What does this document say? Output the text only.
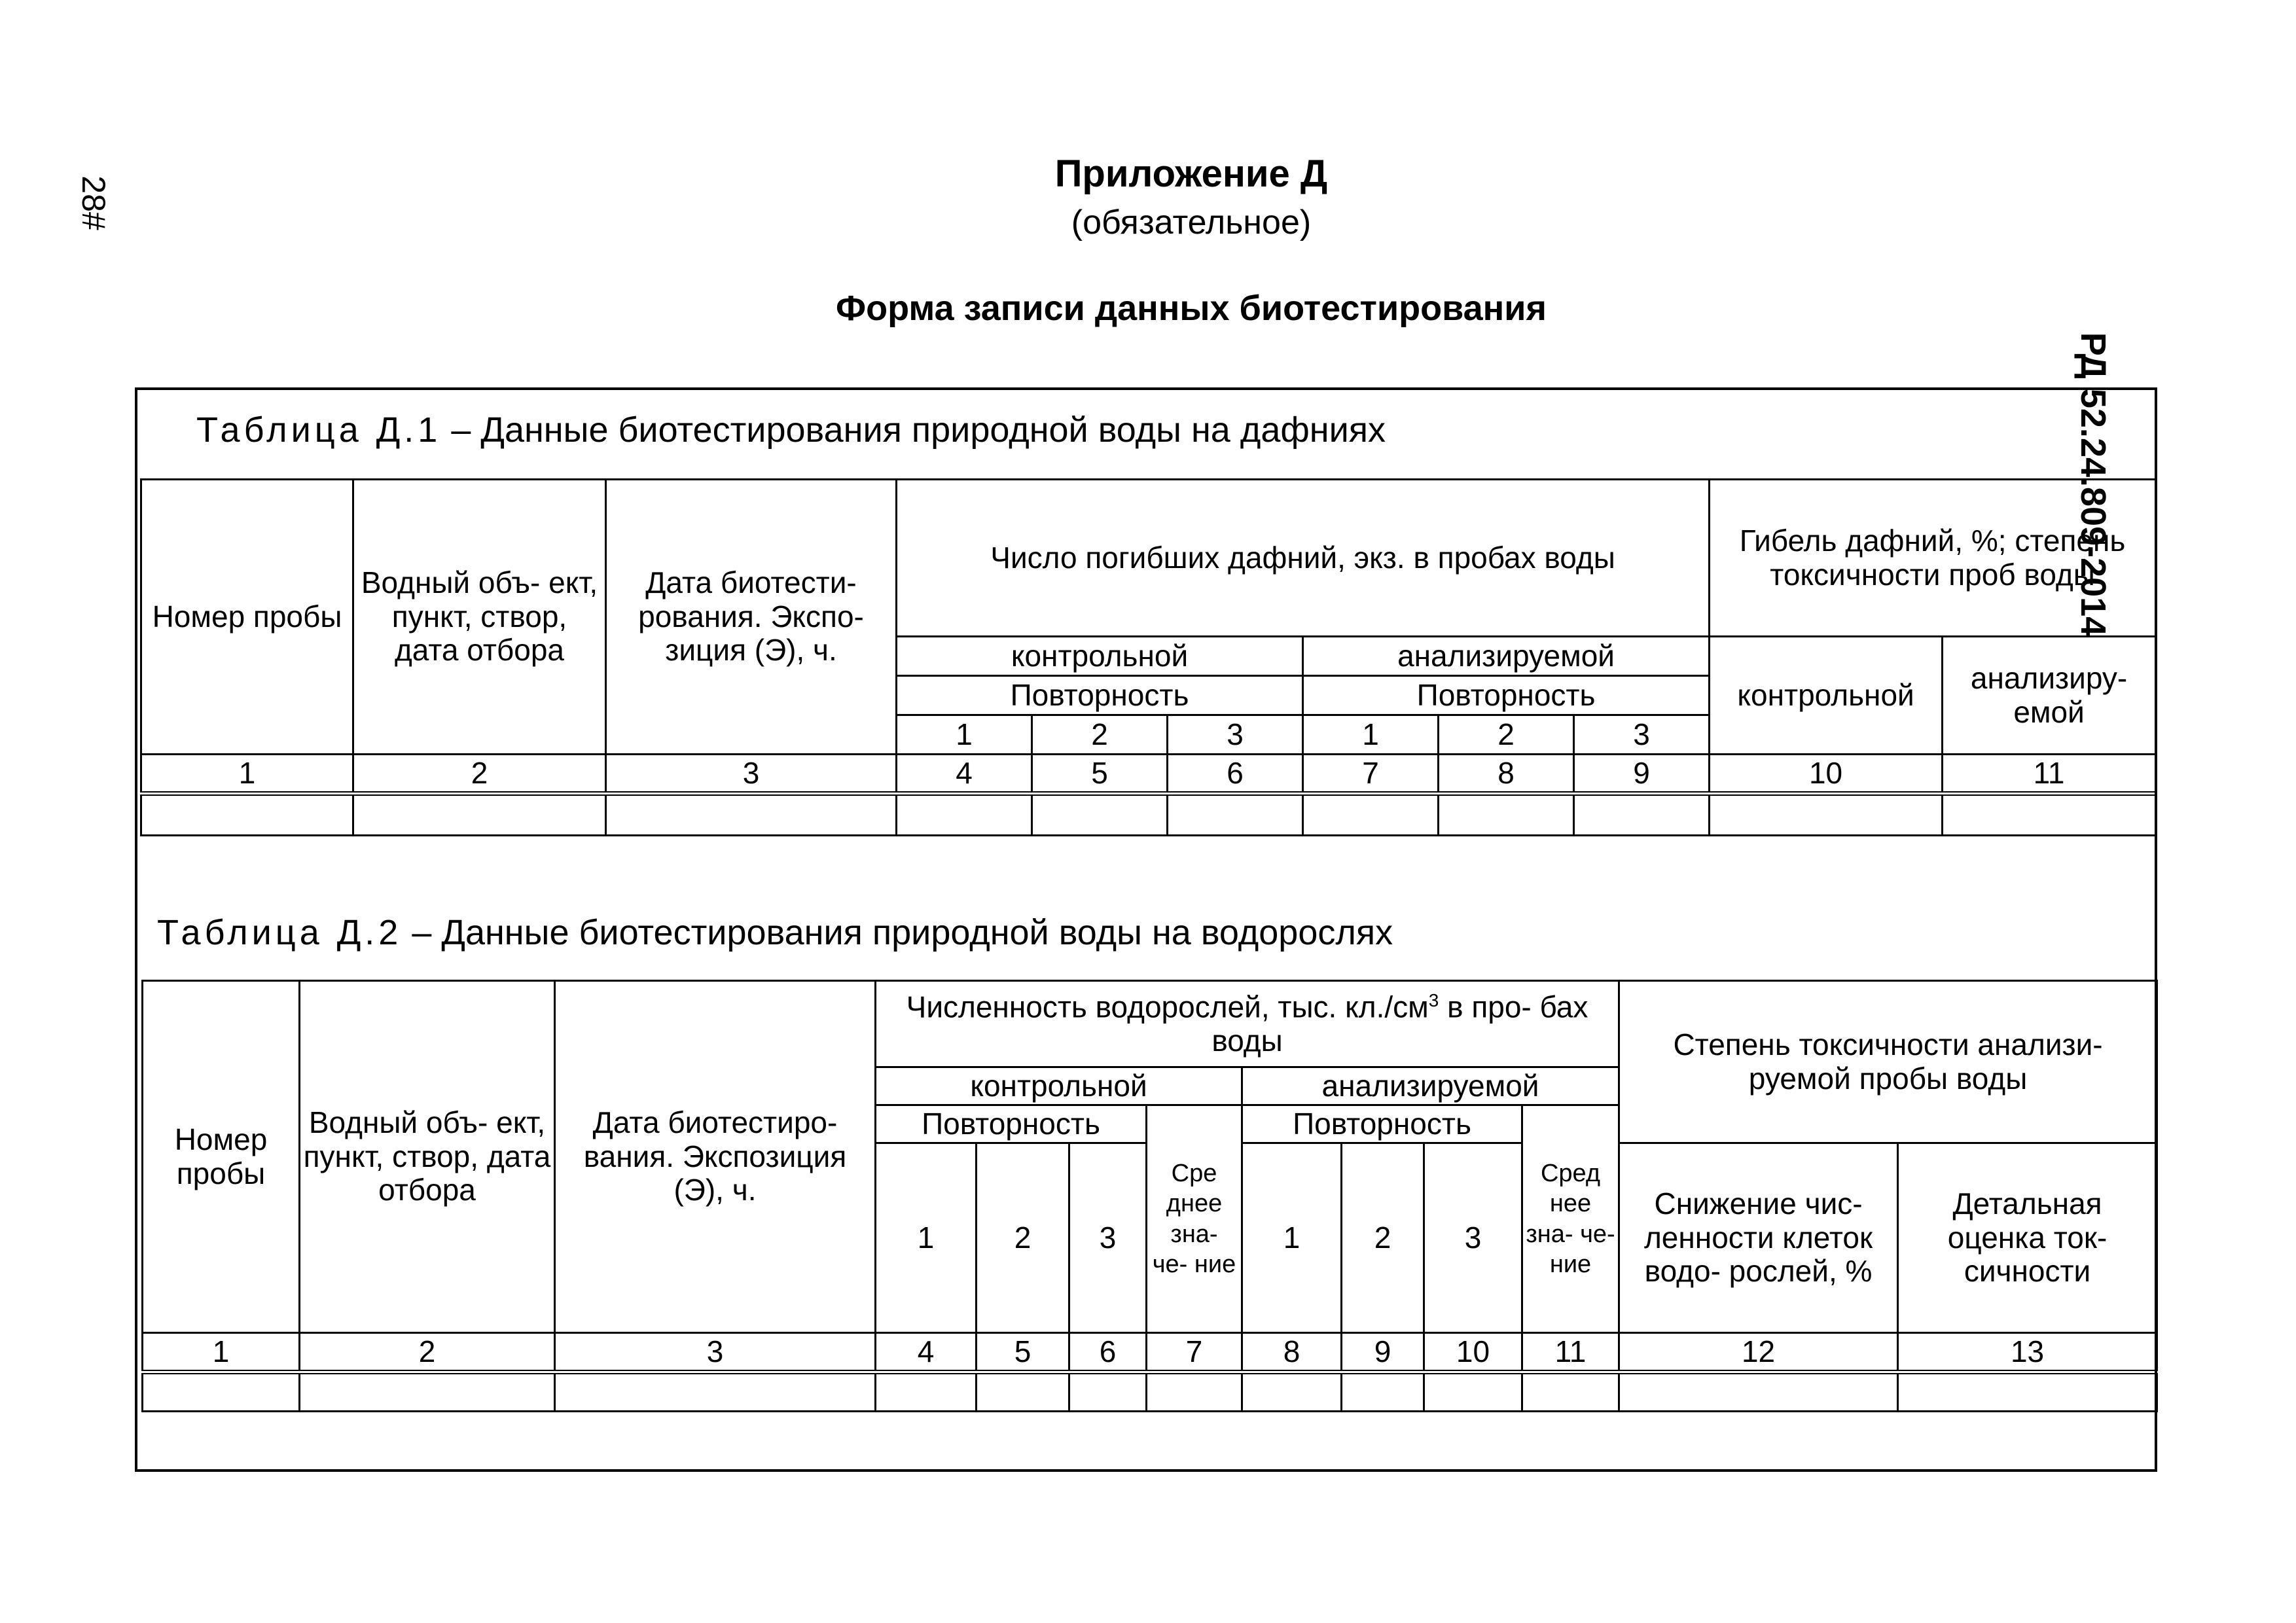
28#
РД 52.24.809-2014
Приложение Д
(обязательное)
Форма записи данных биотестирования
Таблица Д.1 – Данные биотестирования природной воды на дафниях
Номер пробы	Водный объ- ект, пункт, створ, дата отбора	Дата биотести- рования. Экспо- зиция (Э), ч.	Число погибших дафний, экз. в пробах воды						Гибель дафний, %; степень токсичности проб воды	
			контрольной			анализируемой			контрольной	анализиру- емой
			Повторность			Повторность				
			1	2	3	1	2	3		
1	2	3	4	5	6	7	8	9	10	11

Таблица Д.2 – Данные биотестирования природной воды на водорослях
Номер пробы	Водный объ- ект, пункт, створ, дата отбора	Дата биотестиро- вания. Экспозиция (Э), ч.	Численность водорослей, тыс. $кл./см^3$ в про- бах воды								Степень токсичности анализи- руемой пробы воды	
			контрольной				анализируемой					
			Повторность			Сре днее зна- че- ние	Повторность			Сред нее зна- че- ние		
			1	2	3		1	2	3		Снижение чис- ленности клеток водо- рослей, %	Детальная оценка ток- сичности

1	2	3	4	5	6	7	8	9	10	11	12	13
